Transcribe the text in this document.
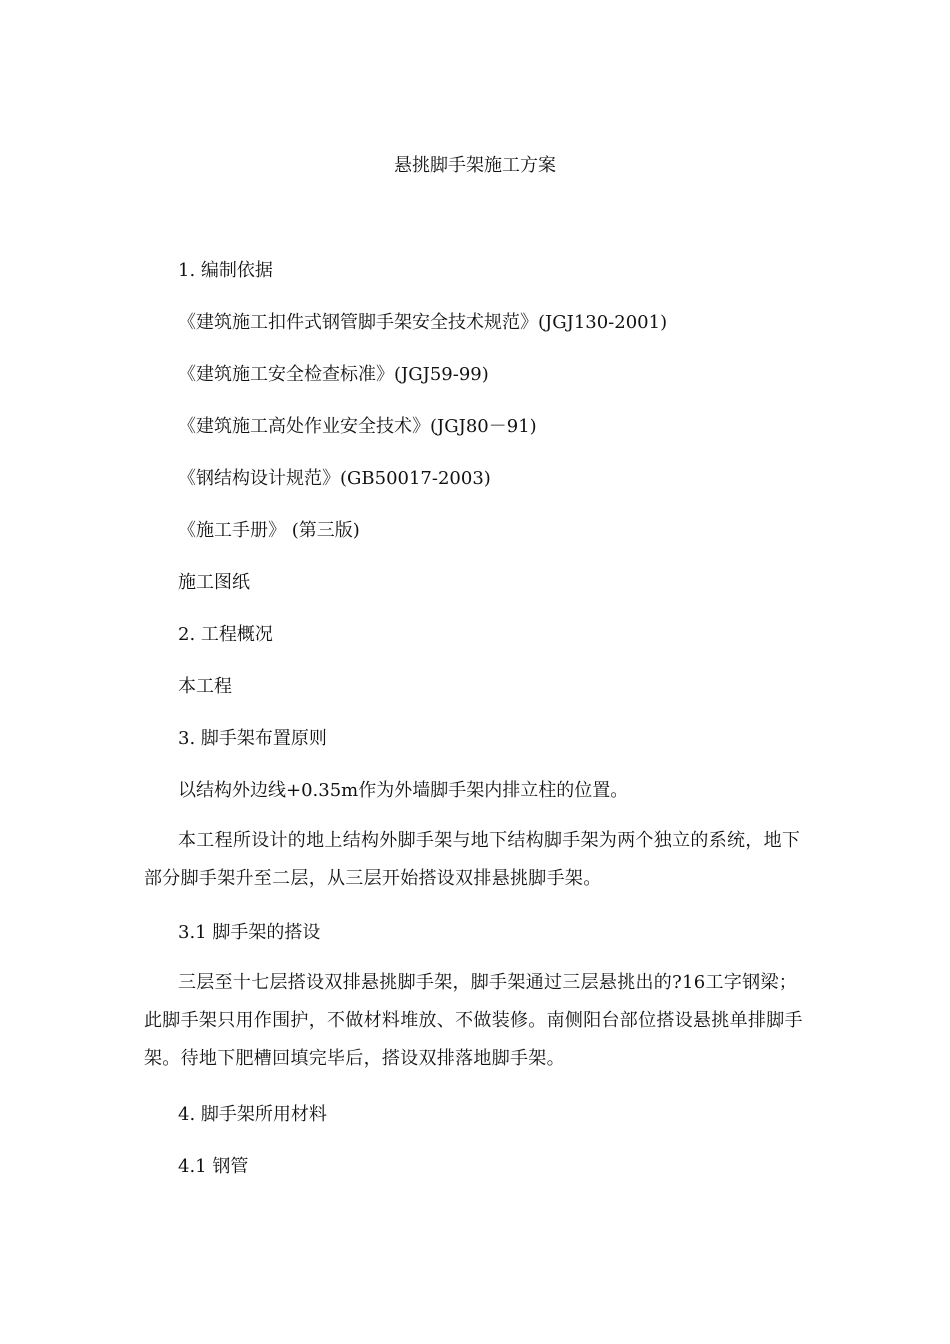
悬挑脚手架施工方案

1. 编制依据

《建筑施工扣件式钢管脚手架安全技术规范》(JGJ130-2001)

《建筑施工安全检查标准》(JGJ59-99)

《建筑施工高处作业安全技术》(JGJ80－91)

《钢结构设计规范》(GB50017-2003)

《施工手册》 (第三版)

施工图纸

2. 工程概况

本工程

3. 脚手架布置原则

以结构外边线+0.35m作为外墙脚手架内排立柱的位置。

本工程所设计的地上结构外脚手架与地下结构脚手架为两个独立的系统，地下部分脚手架升至二层，从三层开始搭设双排悬挑脚手架。

3.1 脚手架的搭设

三层至十七层搭设双排悬挑脚手架，脚手架通过三层悬挑出的?16工字钢梁；此脚手架只用作围护，不做材料堆放、不做装修。南侧阳台部位搭设悬挑单排脚手架。待地下肥槽回填完毕后，搭设双排落地脚手架。

4. 脚手架所用材料

4.1 钢管
